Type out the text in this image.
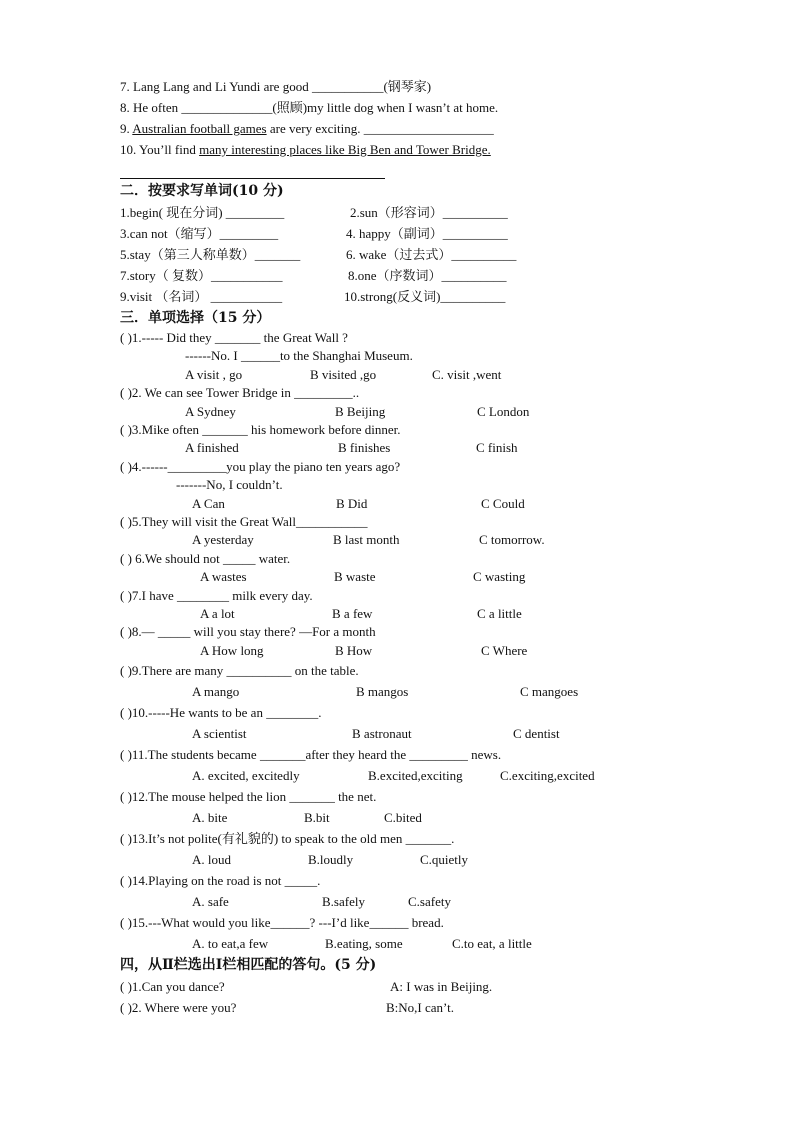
7. Lang Lang and Li Yundi are good ___________(钢琴家)
8. He often ______________(照顾)my little dog when I wasn’t at home.
9. Australian football games are very exciting. ____________________
10. You’ll find many interesting places like Big Ben and Tower Bridge.
二．按要求写单词(10 分)
1.begin( 现在分词) _________	2.sun（形容词）__________
3.can not（缩写）_________	4. happy（副词）__________
5.stay（第三人称单数）_______	6. wake（过去式）__________
7.story（ 复数）___________	8.one（序数词）__________
9.visit （名词） ___________	10.strong(反义词)__________
三．单项选择（15 分）
( )1.----- Did they _______ the Great Wall ?
------No. I ______to the Shanghai Museum.
A visit , go	B visited ,go	C. visit ,went
( )2. We can see Tower Bridge in _________..
A Sydney	B Beijing	C London
( )3.Mike often _______ his homework before dinner.
A finished	B finishes	C finish
( )4.------_________you play the piano ten years ago?
-------No, I couldn’t.
A Can	B Did	C Could
( )5.They will visit the Great Wall___________
A yesterday	B last month	C tomorrow.
( ) 6.We should not _____ water.
A wastes	B waste	C wasting
( )7.I have ________ milk every day.
A a lot	B a few	C a little
( )8.— _____ will you stay there? —For a month
A How long	B How	C Where
( )9.There are many __________ on the table.
A mango	B mangos	C mangoes
( )10.-----He wants to be an ________.
A scientist	B astronaut	C dentist
( )11.The students became _______after they heard the _________ news.
A. excited, excitedly	B.excited,exciting	C.exciting,excited
( )12.The mouse helped the lion _______ the net.
A. bite	B.bit	C.bited
( )13.It’s not polite(有礼貌的) to speak to the old men _______.
A. loud	B.loudly	C.quietly
( )14.Playing on the road is not _____.
A. safe	B.safely	C.safety
( )15.---What would you like______? ---I’d like______ bread.
A. to eat,a few	B.eating, some	C.to eat, a little
四，从Ⅱ栏选出Ⅰ栏相匹配的答句。(5 分)
( )1.Can you dance?	A: I was in Beijing.
( )2. Where were you?	B:No,I can’t.
